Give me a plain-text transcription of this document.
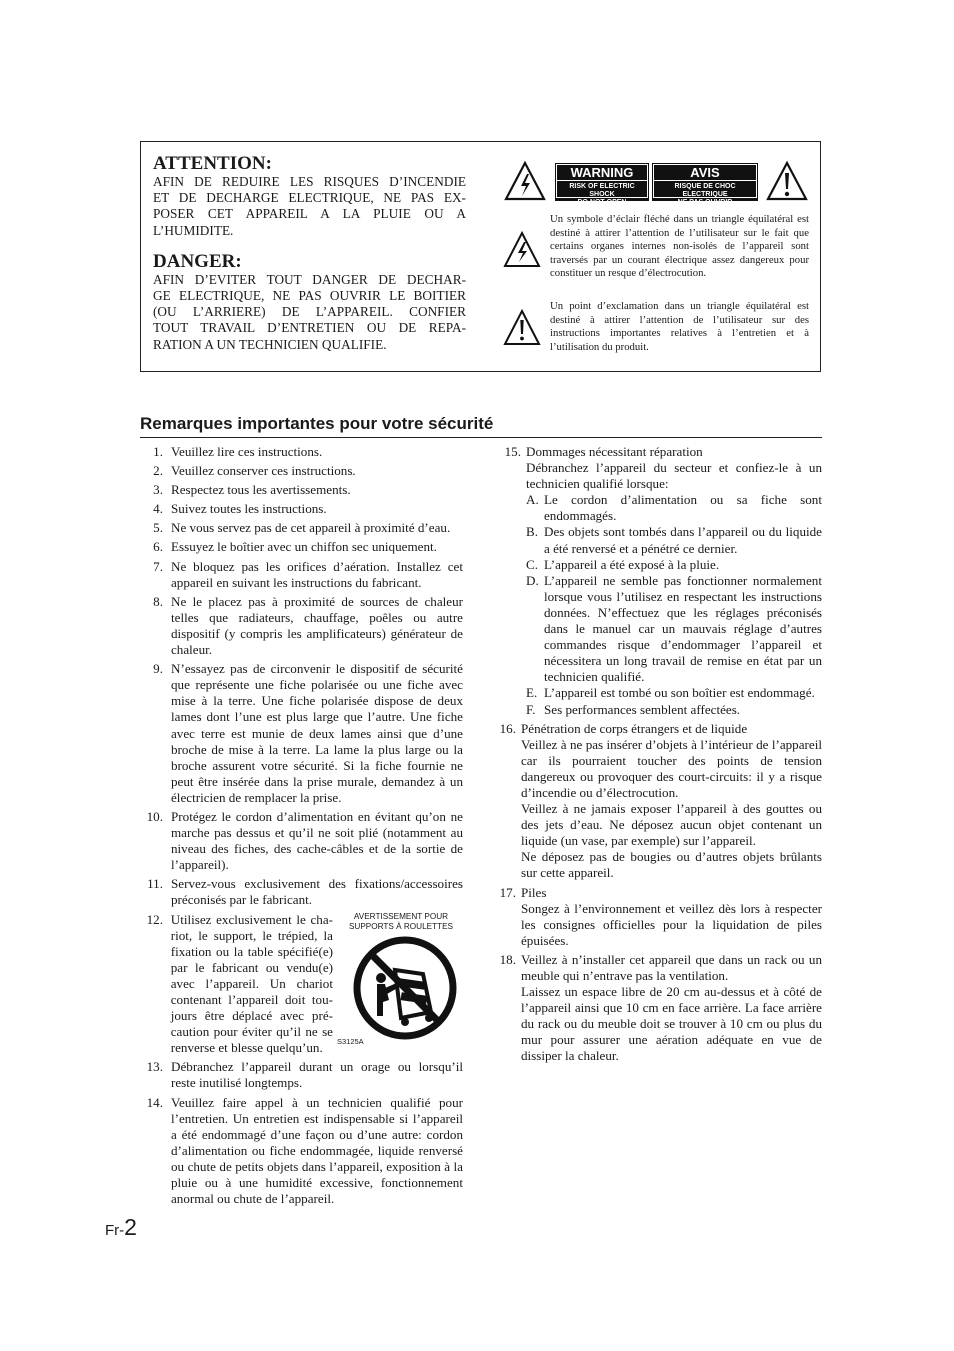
ATTENTION:
AFIN DE REDUIRE LES RISQUES D’INCENDIE
ET DE DECHARGE ELECTRIQUE, NE PAS EX-
POSER CET APPAREIL A LA PLUIE OU A
L’HUMIDITE.
DANGER:
AFIN D’EVITER TOUT DANGER DE DECHAR-
GE ELECTRIQUE, NE PAS OUVRIR LE BOITIER
(OU L’ARRIERE) DE L’APPAREIL. CONFIER
TOUT TRAVAIL D’ENTRETIEN OU DE REPA-
RATION A UN TECHNICIEN QUALIFIE.
WARNING
RISK OF ELECTRIC SHOCK
DO NOT OPEN
AVIS
RISQUE DE CHOC ELECTRIQUE
NE PAS OUVRIR
Un symbole d’éclair fléché dans un triangle équilatéral est destiné à attirer l’attention de l’utilisateur sur le fait que certains organes internes non-isolés de l’appareil sont traversés par un courant électrique assez dangereux pour constituer un resque d’électrocution.
Un point d’exclamation dans un triangle équilatéral est destiné à attirer l’attention de l’utilisateur sur des instructions importantes relatives à l’entretien et à l’utilisation du produit.
Remarques importantes pour votre sécurité
1. Veuillez lire ces instructions.
2. Veuillez conserver ces instructions.
3. Respectez tous les avertissements.
4. Suivez toutes les instructions.
5. Ne vous servez pas de cet appareil à proximité d’eau.
6. Essuyez le boîtier avec un chiffon sec uniquement.
7. Ne bloquez pas les orifices d’aération. Installez cet appareil en suivant les instructions du fabricant.
8. Ne le placez pas à proximité de sources de chaleur telles que radiateurs, chauffage, poêles ou autre dispositif (y compris les amplificateurs) générateur de chaleur.
9. N’essayez pas de circonvenir le dispositif de sécurité que représente une fiche polarisée ou une fiche avec mise à la terre. Une fiche polarisée dispose de deux lames dont l’une est plus large que l’autre. Une fiche avec terre est munie de deux lames ainsi que d’une broche de mise à la terre. La lame la plus large ou la broche assurent votre sécurité. Si la fiche fournie ne peut être insérée dans la prise murale, demandez à un électricien de remplacer la prise.
10. Protégez le cordon d’alimentation en évitant qu’on ne marche pas dessus et qu’il ne soit plié (notamment au niveau des fiches, des cache-câbles et de la sortie de l’appareil).
11. Servez-vous exclusivement des fixations/accessoires préconisés par le fabricant.
12. Utilisez exclusivement le cha-
riot, le support, le trépied, la
fixation ou la table spécifié(e)
par le fabricant ou vendu(e)
avec l’appareil. Un chariot
contenant l’appareil doit tou-
jours être déplacé avec pré-
caution pour éviter qu’il ne se
renverse et blesse quelqu’un.
AVERTISSEMENT POUR
SUPPORTS À ROULETTES
S3125A
13. Débranchez l’appareil durant un orage ou lorsqu’il reste inutilisé longtemps.
14. Veuillez faire appel à un technicien qualifié pour l’entretien. Un entretien est indispensable si l’appareil a été endommagé d’une façon ou d’une autre: cordon d’alimentation ou fiche endommagée, liquide renversé ou chute de petits objets dans l’appareil, exposition à la pluie ou à une humidité excessive, fonctionnement anormal ou chute de l’appareil.
15. Dommages nécessitant réparation
Débranchez l’appareil du secteur et confiez-le à un technicien qualifié lorsque:
A. Le cordon d’alimentation ou sa fiche sont endommagés.
B. Des objets sont tombés dans l’appareil ou du liquide a été renversé et a pénétré ce dernier.
C. L’appareil a été exposé à la pluie.
D. L’appareil ne semble pas fonctionner normalement lorsque vous l’utilisez en respectant les instructions données. N’effectuez que les réglages préconisés dans le manuel car un mauvais réglage d’autres commandes risque d’endommager l’appareil et nécessitera un long travail de remise en état par un technicien qualifié.
E. L’appareil est tombé ou son boîtier est endommagé.
F. Ses performances semblent affectées.
16. Pénétration de corps étrangers et de liquide
Veillez à ne pas insérer d’objets à l’intérieur de l’appareil car ils pourraient toucher des points de tension dangereux ou provoquer des court-circuits: il y a risque d’incendie ou d’électrocution.
Veillez à ne jamais exposer l’appareil à des gouttes ou des jets d’eau. Ne déposez aucun objet contenant un liquide (un vase, par exemple) sur l’appareil.
Ne déposez pas de bougies ou d’autres objets brûlants sur cette appareil.
17. Piles
Songez à l’environnement et veillez dès lors à respecter les consignes officielles pour la liquidation de piles épuisées.
18. Veillez à n’installer cet appareil que dans un rack ou un meuble qui n’entrave pas la ventilation.
Laissez un espace libre de 20 cm au-dessus et à côté de l’appareil ainsi que 10 cm en face arrière. La face arrière du rack ou du meuble doit se trouver à 10 cm ou plus du mur pour assurer une aération adéquate en vue de dissiper la chaleur.
Fr-2
